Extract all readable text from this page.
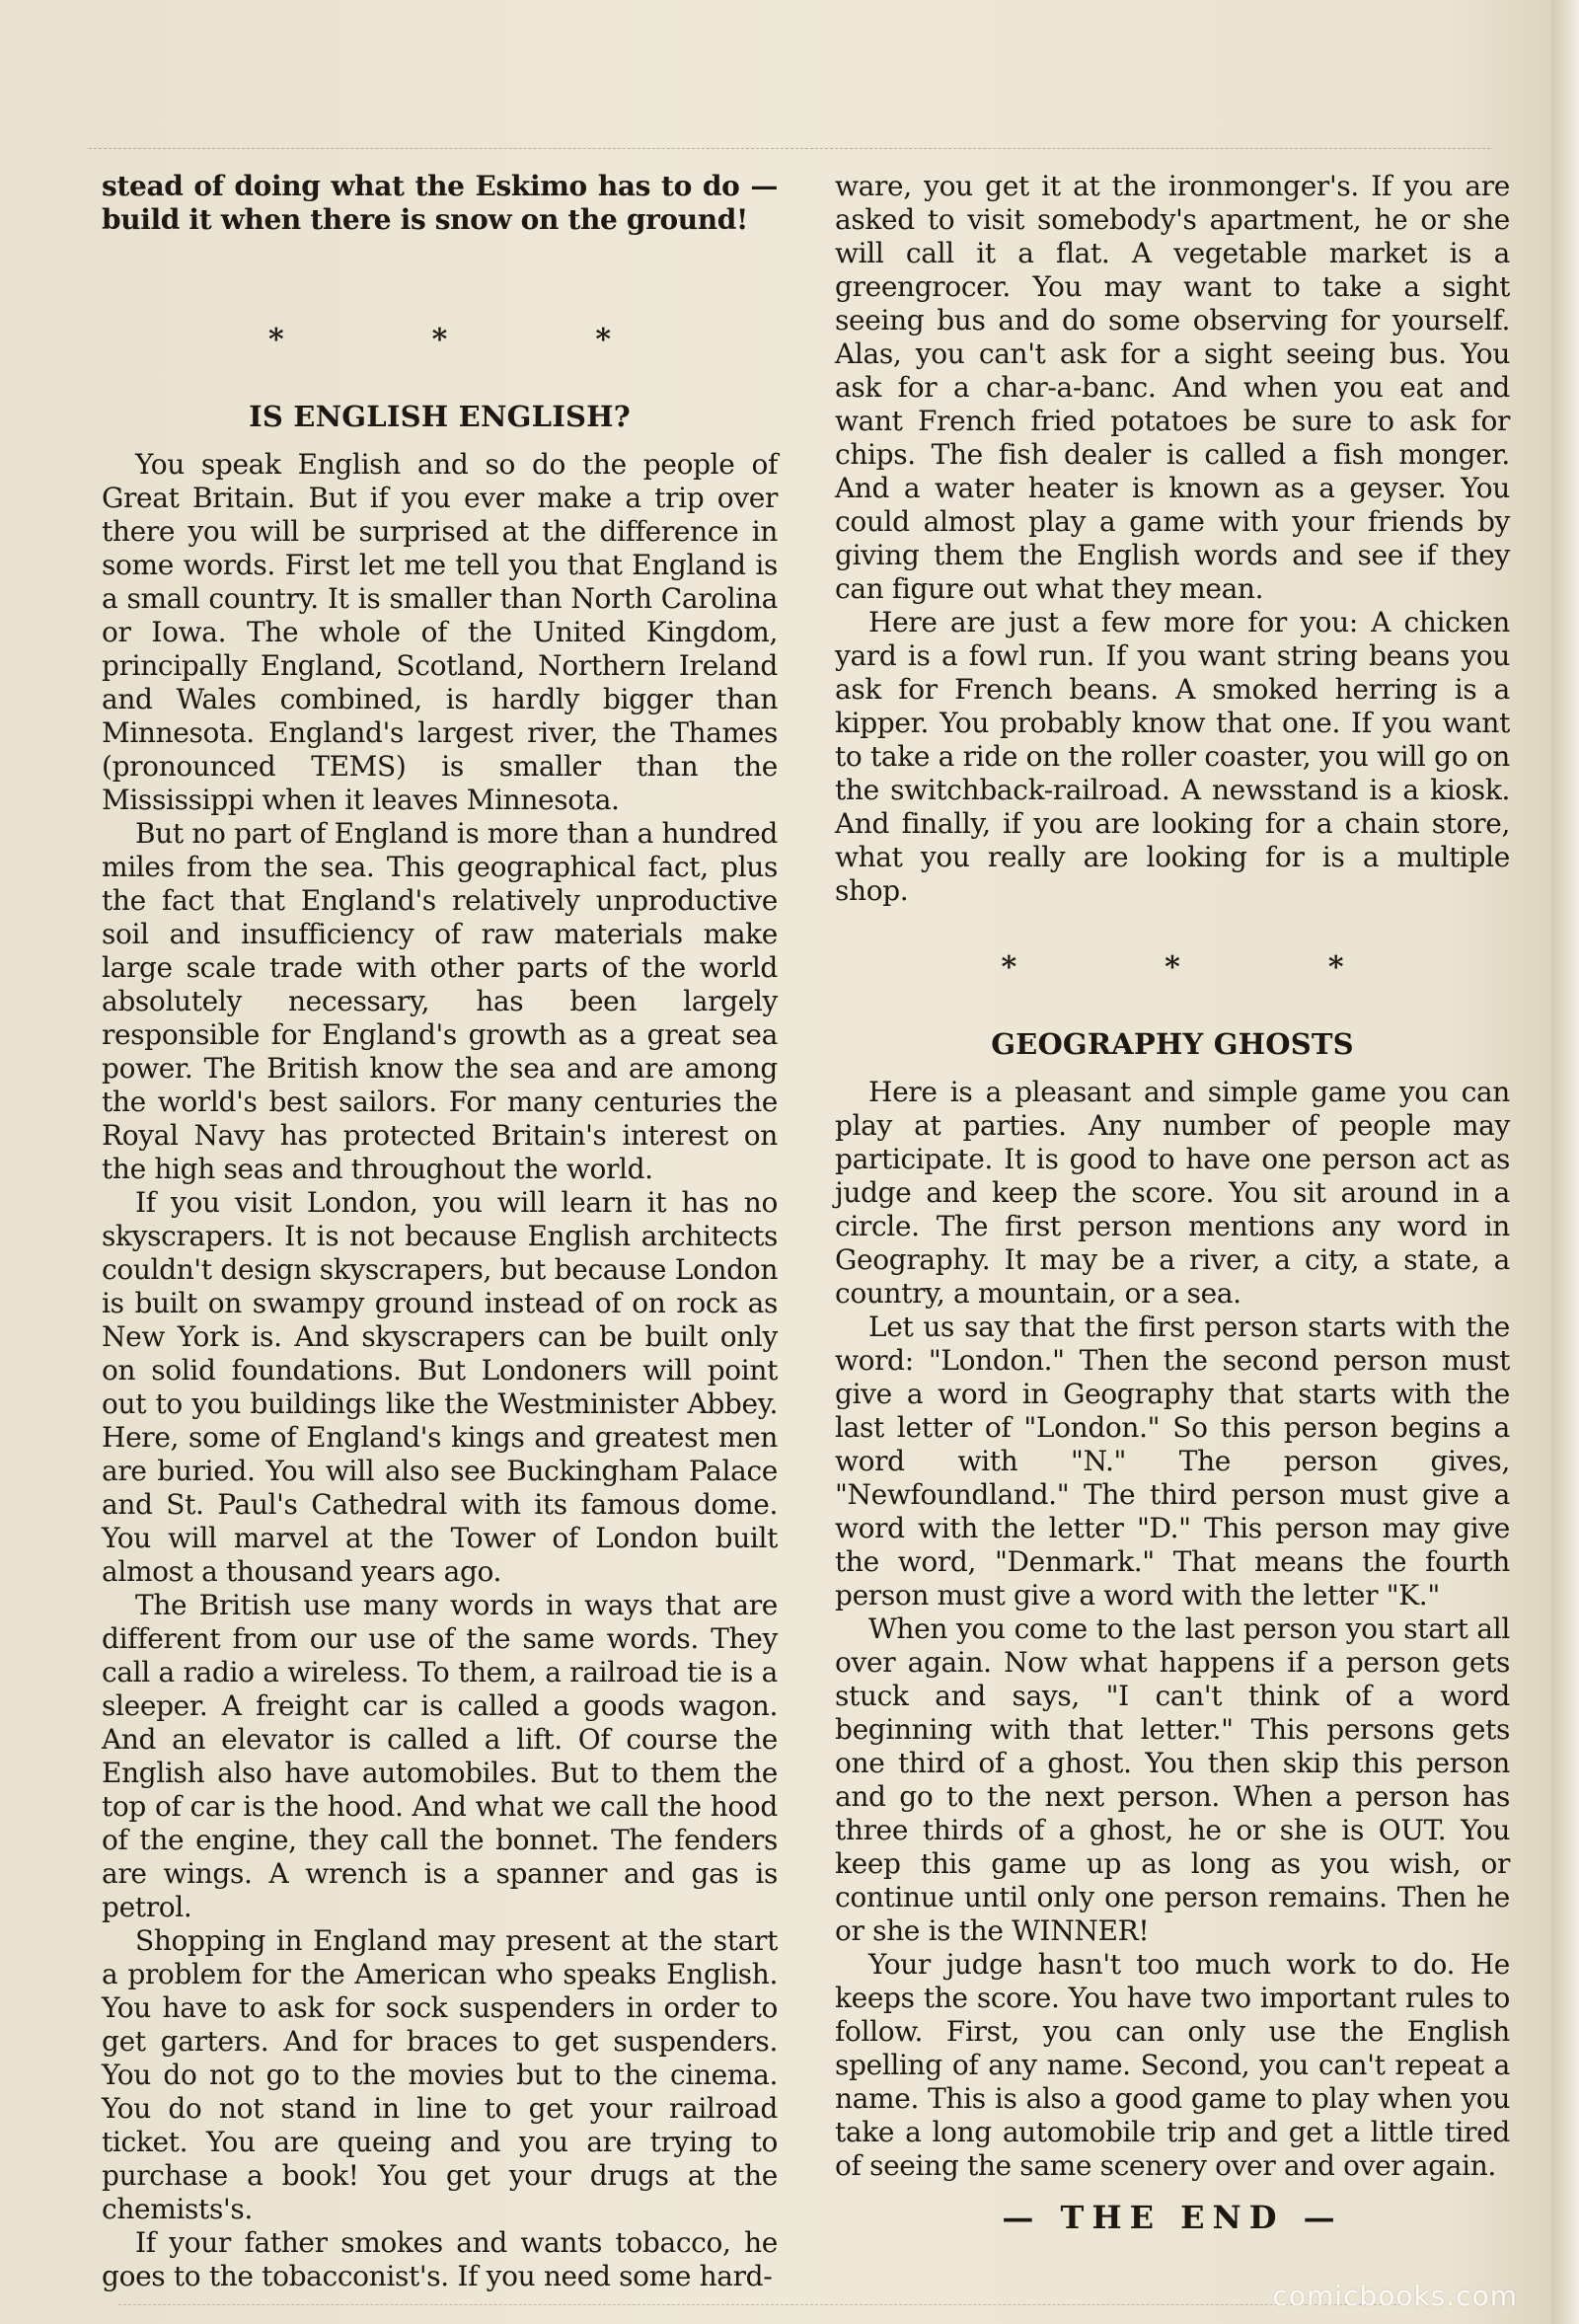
stead of doing what the Eskimo has to do — build it when there is snow on the ground!

*	*	*
IS ENGLISH ENGLISH?

You speak English and so do the people of Great Britain. But if you ever make a trip over there you will be surprised at the difference in some words. First let me tell you that England is a small country. It is smaller than North Carolina or Iowa. The whole of the United Kingdom, principally England, Scotland, Northern Ireland and Wales combined, is hardly bigger than Minnesota. England's largest river, the Thames (pronounced TEMS) is smaller than the Mississippi when it leaves Minnesota.

But no part of England is more than a hundred miles from the sea. This geographical fact, plus the fact that England's relatively unproductive soil and insufficiency of raw materials make large scale trade with other parts of the world absolutely necessary, has been largely responsible for England's growth as a great sea power. The British know the sea and are among the world's best sailors. For many centuries the Royal Navy has protected Britain's interest on the high seas and throughout the world.

If you visit London, you will learn it has no skyscrapers. It is not because English architects couldn't design skyscrapers, but because London is built on swampy ground instead of on rock as New York is. And skyscrapers can be built only on solid foundations. But Londoners will point out to you buildings like the Westminister Abbey. Here, some of England's kings and greatest men are buried. You will also see Buckingham Palace and St. Paul's Cathedral with its famous dome. You will marvel at the Tower of London built almost a thousand years ago.

The British use many words in ways that are different from our use of the same words. They call a radio a wireless. To them, a railroad tie is a sleeper. A freight car is called a goods wagon. And an elevator is called a lift. Of course the English also have automobiles. But to them the top of car is the hood. And what we call the hood of the engine, they call the bonnet. The fenders are wings. A wrench is a spanner and gas is petrol.

Shopping in England may present at the start a problem for the American who speaks English. You have to ask for sock suspenders in order to get garters. And for braces to get suspenders. You do not go to the movies but to the cinema. You do not stand in line to get your railroad ticket. You are queing and you are trying to purchase a book! You get your drugs at the chemists's.

If your father smokes and wants tobacco, he goes to the tobacconist's. If you need some hard-

ware, you get it at the ironmonger's. If you are asked to visit somebody's apartment, he or she will call it a flat. A vegetable market is a greengrocer. You may want to take a sight seeing bus and do some observing for yourself. Alas, you can't ask for a sight seeing bus. You ask for a char-a-banc. And when you eat and want French fried potatoes be sure to ask for chips. The fish dealer is called a fish monger. And a water heater is known as a geyser. You could almost play a game with your friends by giving them the English words and see if they can figure out what they mean.

Here are just a few more for you: A chicken yard is a fowl run. If you want string beans you ask for French beans. A smoked herring is a kipper. You probably know that one. If you want to take a ride on the roller coaster, you will go on the switchback-railroad. A newsstand is a kiosk. And finally, if you are looking for a chain store, what you really are looking for is a multiple shop.

*	*	*
GEOGRAPHY GHOSTS

Here is a pleasant and simple game you can play at parties. Any number of people may participate. It is good to have one person act as judge and keep the score. You sit around in a circle. The first person mentions any word in Geography. It may be a river, a city, a state, a country, a mountain, or a sea.

Let us say that the first person starts with the word: "London." Then the second person must give a word in Geography that starts with the last letter of "London." So this person begins a word with "N." The person gives, "Newfoundland." The third person must give a word with the letter "D." This person may give the word, "Denmark." That means the fourth person must give a word with the letter "K."

When you come to the last person you start all over again. Now what happens if a person gets stuck and says, "I can't think of a word beginning with that letter." This persons gets one third of a ghost. You then skip this person and go to the next person. When a person has three thirds of a ghost, he or she is OUT. You keep this game up as long as you wish, or continue until only one person remains. Then he or she is the WINNER!

Your judge hasn't too much work to do. He keeps the score. You have two important rules to follow. First, you can only use the English spelling of any name. Second, you can't repeat a name. This is also a good game to play when you take a long automobile trip and get a little tired of seeing the same scenery over and over again.

— THE END —
comicbooks.com
